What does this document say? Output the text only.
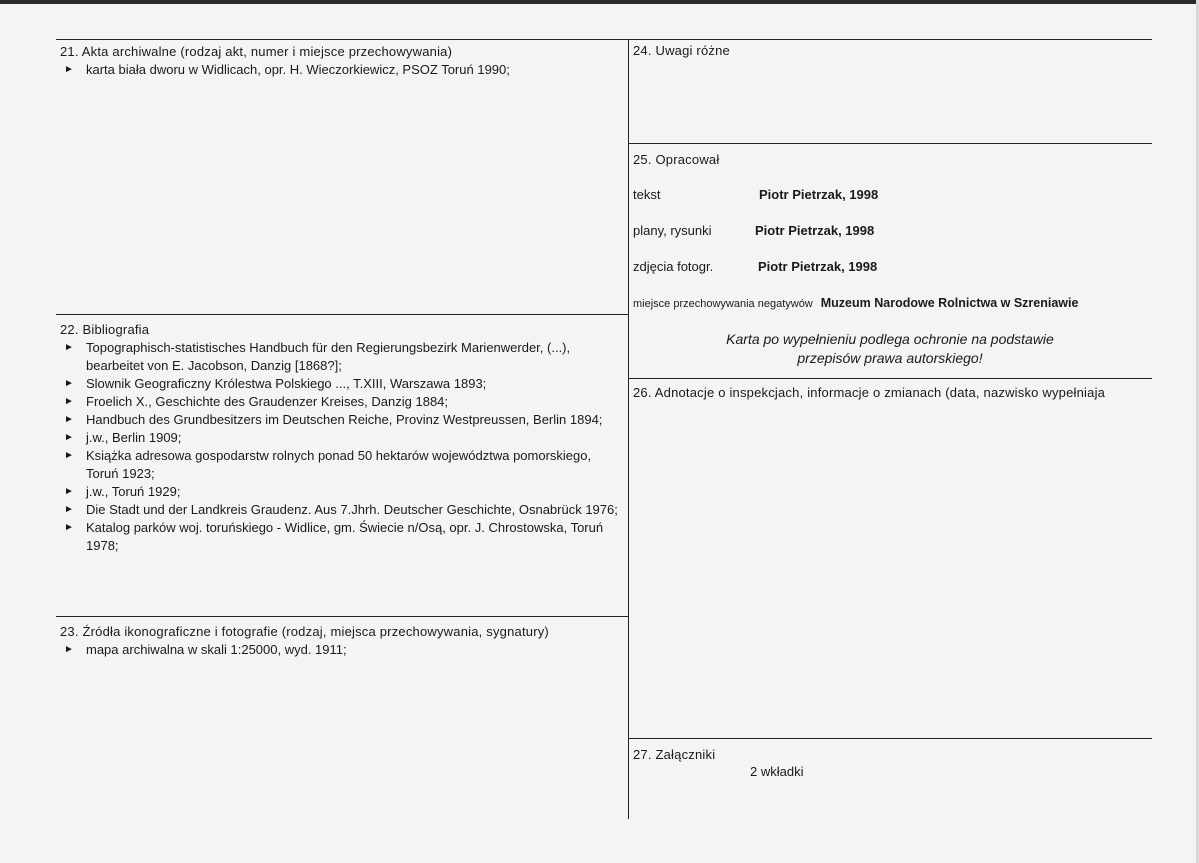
21. Akta archiwalne (rodzaj akt, numer i miejsce przechowywania)
► karta biała dworu w Widlicach, opr. H. Wieczorkiewicz, PSOZ Toruń 1990;
22. Bibliografia
► Topographisch-statistisches Handbuch für den Regierungsbezirk Marienwerder, (...), bearbeitet von E. Jacobson, Danzig [1868?];
► Slownik Geograficzny Królestwa Polskiego ..., T.XIII, Warszawa 1893;
► Froelich X., Geschichte des Graudenzer Kreises, Danzig 1884;
► Handbuch des Grundbesitzers im Deutschen Reiche, Provinz Westpreussen, Berlin 1894;
► j.w., Berlin 1909;
► Książka adresowa gospodarstw rolnych ponad 50 hektarów województwa pomorskiego, Toruń 1923;
► j.w., Toruń 1929;
► Die Stadt und der Landkreis Graudenz. Aus 7.Jhrh. Deutscher Geschichte, Osnabrück 1976;
► Katalog parków woj. toruńskiego - Widlice, gm. Świecie n/Osą, opr. J. Chrostowska, Toruń 1978;
23. Źródła ikonograficzne i fotografie (rodzaj, miejsca przechowywania, sygnatury)
► mapa archiwalna w skali 1:25000, wyd. 1911;
24. Uwagi różne
25. Opracował
tekst	Piotr Pietrzak, 1998
plany, rysunki	Piotr Pietrzak, 1998
zdjęcia fotogr.	Piotr Pietrzak, 1998
miejsce przechowywania negatywów Muzeum Narodowe Rolnictwa w Szreniawie
Karta po wypełnieniu podlega ochronie na podstawie
przepisów prawa autorskiego!
26. Adnotacje o inspekcjach, informacje o zmianach (data, nazwisko wypełniaja
27. Załączniki
2 wkładki
